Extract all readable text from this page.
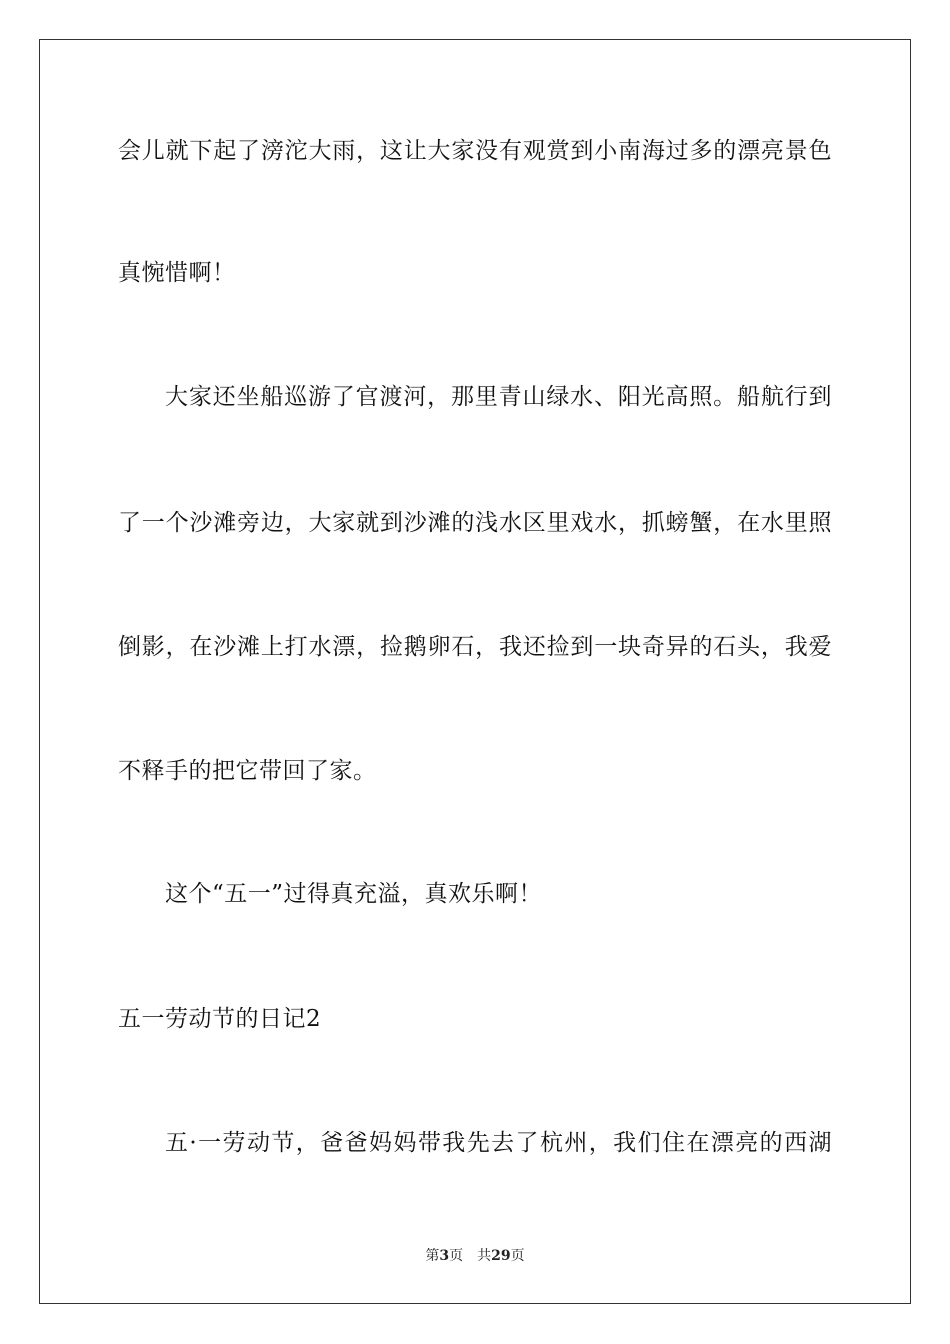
会儿就下起了滂沱大雨，这让大家没有观赏到小南海过多的漂亮景色
真惋惜啊！
大家还坐船巡游了官渡河，那里青山绿水、阳光高照。船航行到
了一个沙滩旁边，大家就到沙滩的浅水区里戏水，抓螃蟹，在水里照
倒影，在沙滩上打水漂，捡鹅卵石，我还捡到一块奇异的石头，我爱
不释手的把它带回了家。
这个“五一”过得真充溢，真欢乐啊！
五一劳动节的日记2
五·一劳动节，爸爸妈妈带我先去了杭州，我们住在漂亮的西湖
第3页 共29页
